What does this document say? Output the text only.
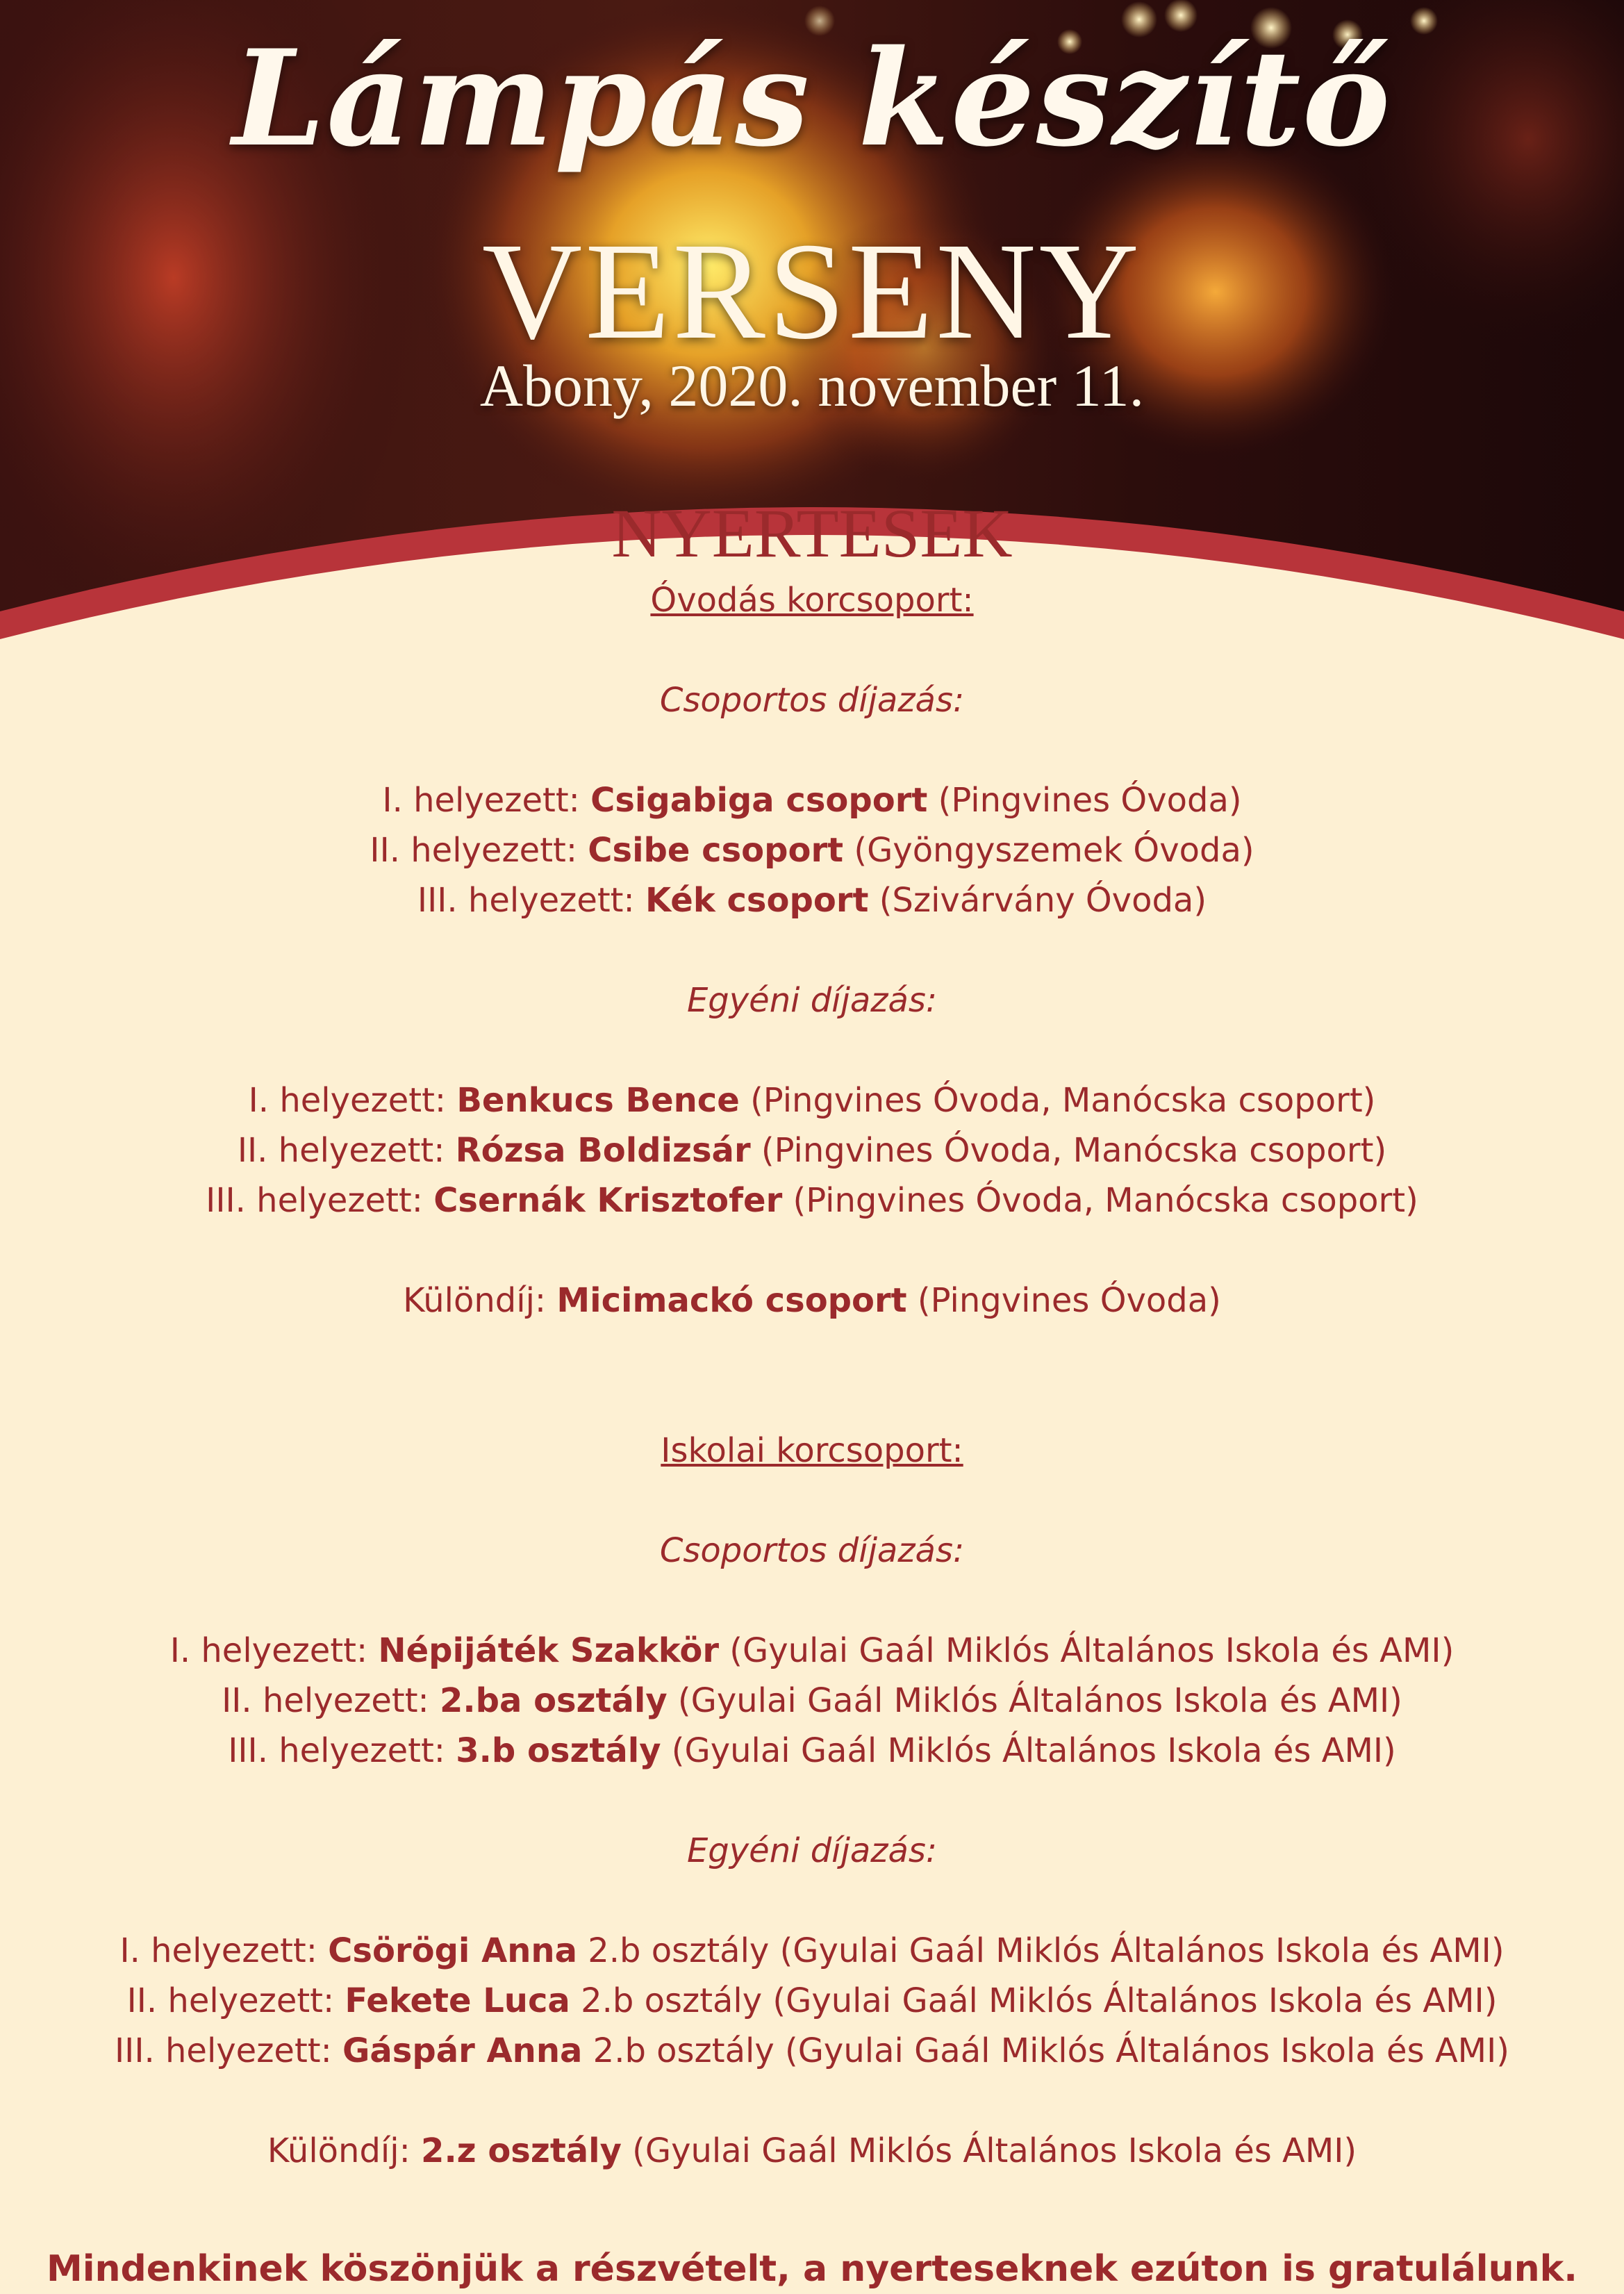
Lámpás készítő
VERSENY
Abony, 2020. november 11.
NYERTESEK

Óvodás korcsoport:

Csoportos díjazás:

I. helyezett: Csigabiga csoport (Pingvines Óvoda)

II. helyezett: Csibe csoport (Gyöngyszemek Óvoda)

III. helyezett: Kék csoport (Szivárvány Óvoda)

Egyéni díjazás:

I. helyezett: Benkucs Bence (Pingvines Óvoda, Manócska csoport)

II. helyezett: Rózsa Boldizsár (Pingvines Óvoda, Manócska csoport)

III. helyezett: Csernák Krisztofer (Pingvines Óvoda, Manócska csoport)

Különdíj: Micimackó csoport (Pingvines Óvoda)

Iskolai korcsoport:

Csoportos díjazás:

I. helyezett: Népijáték Szakkör (Gyulai Gaál Miklós Általános Iskola és AMI)

II. helyezett: 2.ba osztály (Gyulai Gaál Miklós Általános Iskola és AMI)

III. helyezett: 3.b osztály (Gyulai Gaál Miklós Általános Iskola és AMI)

Egyéni díjazás:

I. helyezett: Csörögi Anna 2.b osztály (Gyulai Gaál Miklós Általános Iskola és AMI)

II. helyezett: Fekete Luca 2.b osztály (Gyulai Gaál Miklós Általános Iskola és AMI)

III. helyezett: Gáspár Anna 2.b osztály (Gyulai Gaál Miklós Általános Iskola és AMI)

Különdíj: 2.z osztály (Gyulai Gaál Miklós Általános Iskola és AMI)

Mindenkinek köszönjük a részvételt, a nyerteseknek ezúton is gratulálunk.
